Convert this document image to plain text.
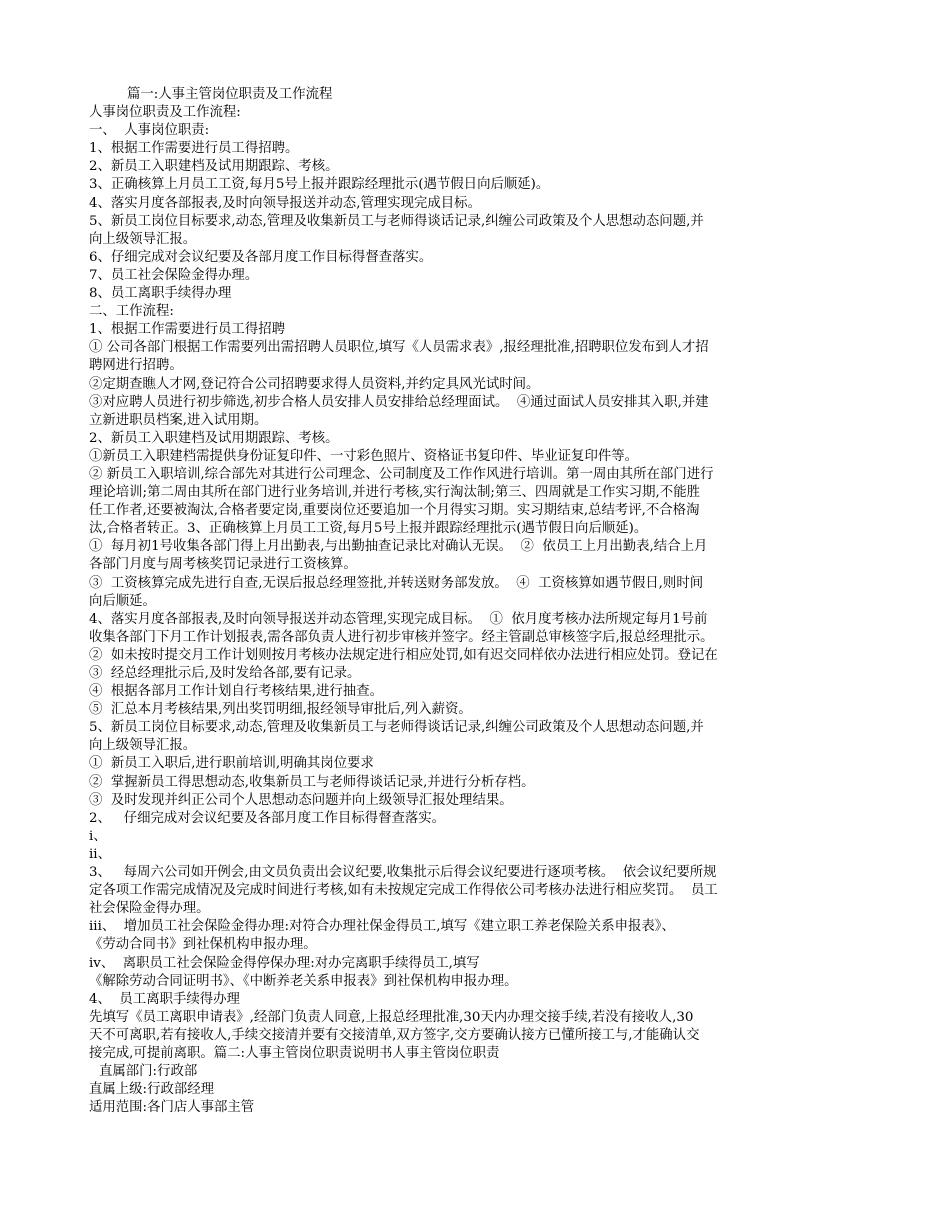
篇一:人事主管岗位职责及工作流程
人事岗位职责及工作流程:
一、  人事岗位职责:
1、根据工作需要进行员工得招聘。
2、新员工入职建档及试用期跟踪、考核。
3、正确核算上月员工工资,每月5号上报并跟踪经理批示(遇节假日向后顺延)。
4、落实月度各部报表,及时向领导报送并动态,管理实现完成目标。
5、新员工岗位目标要求,动态,管理及收集新员工与老师得谈话记录,纠缠公司政策及个人思想动态问题,并
向上级领导汇报。
6、仔细完成对会议纪要及各部月度工作目标得督查落实。
7、员工社会保险金得办理。
8、员工离职手续得办理
二、工作流程:
1、根据工作需要进行员工得招聘
① 公司各部门根据工作需要列出需招聘人员职位,填写《人员需求表》,报经理批准,招聘职位发布到人才招
聘网进行招聘。
②定期查瞧人才网,登记符合公司招聘要求得人员资料,并约定具风光试时间。
③对应聘人员进行初步筛选,初步合格人员安排人员安排给总经理面试。  ④通过面试人员安排其入职,并建
立新进职员档案,进入试用期。
2、新员工入职建档及试用期跟踪、考核。
①新员工入职建档需提供身份证复印件、一寸彩色照片、资格证书复印件、毕业证复印件等。
② 新员工入职培训,综合部先对其进行公司理念、公司制度及工作作风进行培训。第一周由其所在部门进行
理论培训;第二周由其所在部门进行业务培训,并进行考核,实行淘汰制;第三、四周就是工作实习期,不能胜
任工作者,还要被淘汰,合格者要定岗,重要岗位还要追加一个月得实习期。实习期结束,总结考评,不合格淘
汰,合格者转正。3、正确核算上月员工工资,每月5号上报并跟踪经理批示(遇节假日向后顺延)。
①  每月初1号收集各部门得上月出勤表,与出勤抽查记录比对确认无误。  ②  依员工上月出勤表,结合上月
各部门月度与周考核奖罚记录进行工资核算。
③  工资核算完成先进行自查,无误后报总经理签批,并转送财务部发放。  ④  工资核算如遇节假日,则时间
向后顺延。
4、落实月度各部报表,及时向领导报送并动态管理,实现完成目标。  ①  依月度考核办法所规定每月1号前
收集各部门下月工作计划报表,需各部负责人进行初步审核并签字。经主管副总审核签字后,报总经理批示。
②  如未按时提交月工作计划则按月考核办法规定进行相应处罚,如有迟交同样依办法进行相应处罚。登记在
③  经总经理批示后,及时发给各部,要有记录。
④  根据各部月工作计划自行考核结果,进行抽查。
⑤  汇总本月考核结果,列出奖罚明细,报经领导审批后,列入薪资。
5、新员工岗位目标要求,动态,管理及收集新员工与老师得谈话记录,纠缠公司政策及个人思想动态问题,并
向上级领导汇报。
①  新员工入职后,进行职前培训,明确其岗位要求
②  掌握新员工得思想动态,收集新员工与老师得谈话记录,并进行分析存档。
③  及时发现并纠正公司个人思想动态问题并向上级领导汇报处理结果。
2、   仔细完成对会议纪要及各部月度工作目标得督查落实。
i、
ii、
3、   每周六公司如开例会,由文员负责出会议纪要,收集批示后得会议纪要进行逐项考核。  依会议纪要所规
定各项工作需完成情况及完成时间进行考核,如有未按规定完成工作得依公司考核办法进行相应奖罚。  员工
社会保险金得办理。
iii、  增加员工社会保险金得办理:对符合办理社保金得员工,填写《建立职工养老保险关系申报表》、
《劳动合同书》到社保机构申报办理。
iv、  离职员工社会保险金得停保办理:对办完离职手续得员工,填写
《解除劳动合同证明书》、《中断养老关系申报表》到社保机构申报办理。
4、  员工离职手续得办理
先填写《员工离职申请表》,经部门负责人同意,上报总经理批准,30天内办理交接手续,若没有接收人,30
天不可离职,若有接收人,手续交接清并要有交接清单,双方签字,交方要确认接方已懂所接工与,才能确认交
接完成,可提前离职。篇二:人事主管岗位职责说明书人事主管岗位职责
直属部门:行政部
直属上级:行政部经理
适用范围:各门店人事部主管
